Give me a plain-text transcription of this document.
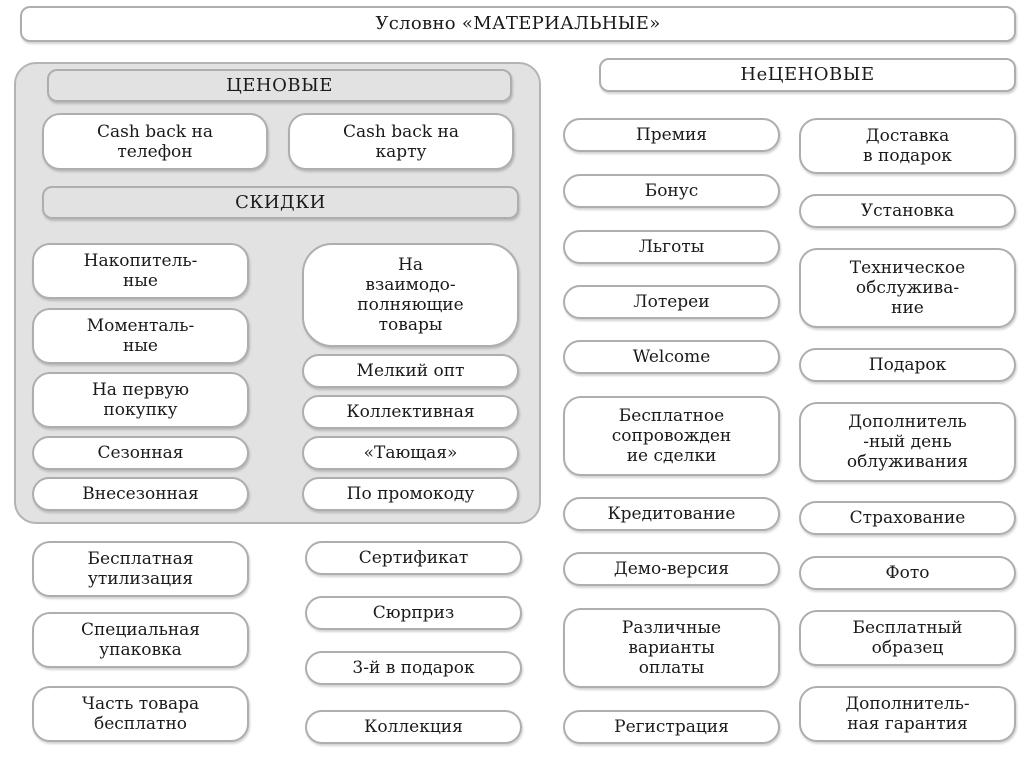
Условно «МАТЕРИАЛЬНЫЕ»
ЦЕНОВЫЕ
Cash back на
телефон
Cash back на
карту
СКИДКИ
Накопитель-
ные
Моменталь-
ные
На первую
покупку
Сезонная
Внесезонная
На
взаимодо-
полняющие
товары
Мелкий опт
Коллективная
«Тающая»
По промокоду
Бесплатная
утилизация
Специальная
упаковка
Часть товара
бесплатно
Сертификат
Сюрприз
3-й в подарок
Коллекция
НеЦЕНОВЫЕ
Премия
Бонус
Льготы
Лотереи
Welcome
Бесплатное
сопровожден
ие сделки
Кредитование
Демо-версия
Различные
варианты
оплаты
Регистрация
Доставка
в подарок
Установка
Техническое
обслужива-
ние
Подарок
Дополнитель
-ный день
облуживания
Страхование
Фото
Бесплатный
образец
Дополнитель-
ная гарантия
